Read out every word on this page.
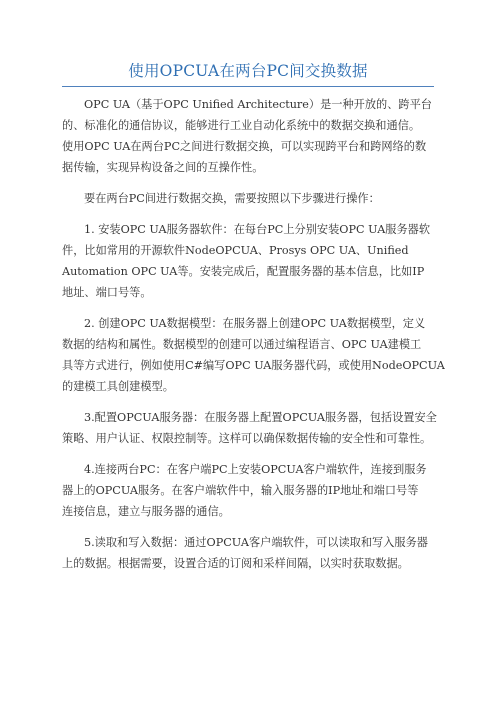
使用OPCUA在两台PC间交换数据

OPC UA（基于OPC Unified Architecture）是一种开放的、跨平台
的、标准化的通信协议，能够进行工业自动化系统中的数据交换和通信。
使用OPC UA在两台PC之间进行数据交换，可以实现跨平台和跨网络的数
据传输，实现异构设备之间的互操作性。

要在两台PC间进行数据交换，需要按照以下步骤进行操作：

1. 安装OPC UA服务器软件：在每台PC上分别安装OPC UA服务器软
件，比如常用的开源软件NodeOPCUA、Prosys OPC UA、Unified
Automation OPC UA等。安装完成后，配置服务器的基本信息，比如IP
地址、端口号等。

2. 创建OPC UA数据模型：在服务器上创建OPC UA数据模型，定义
数据的结构和属性。数据模型的创建可以通过编程语言、OPC UA建模工
具等方式进行，例如使用C#编写OPC UA服务器代码，或使用NodeOPCUA
的建模工具创建模型。

3.配置OPCUA服务器：在服务器上配置OPCUA服务器，包括设置安全
策略、用户认证、权限控制等。这样可以确保数据传输的安全性和可靠性。

4.连接两台PC：在客户端PC上安装OPCUA客户端软件，连接到服务
器上的OPCUA服务。在客户端软件中，输入服务器的IP地址和端口号等
连接信息，建立与服务器的通信。

5.读取和写入数据：通过OPCUA客户端软件，可以读取和写入服务器
上的数据。根据需要，设置合适的订阅和采样间隔，以实时获取数据。
